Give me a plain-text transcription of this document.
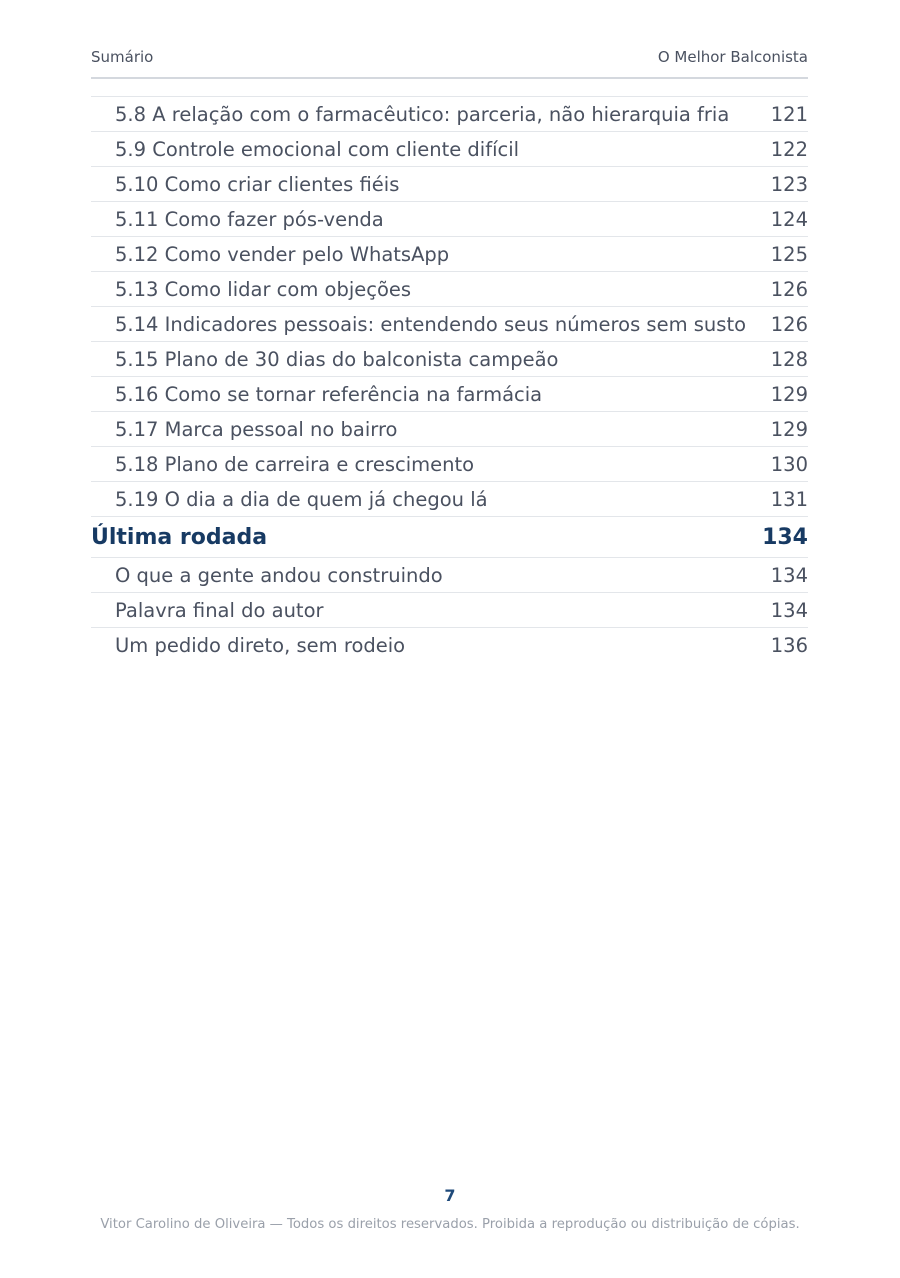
Sumário	O Melhor Balconista
5.8 A relação com o farmacêutico: parceria, não hierarquia fria 121
5.9 Controle emocional com cliente difícil	122
5.10 Como criar clientes fiéis	123
5.11 Como fazer pós-venda	124
5.12 Como vender pelo WhatsApp	125
5.13 Como lidar com objeções	126
5.14 Indicadores pessoais: entendendo seus números sem susto 126
5.15 Plano de 30 dias do balconista campeão	128
5.16 Como se tornar referência na farmácia	129
5.17 Marca pessoal no bairro	129
5.18 Plano de carreira e crescimento	130
5.19 O dia a dia de quem já chegou lá	131
Última rodada	134
O que a gente andou construindo	134
Palavra final do autor	134
Um pedido direto, sem rodeio	136
7
Vitor Carolino de Oliveira — Todos os direitos reservados. Proibida a reprodução ou distribuição de cópias.
